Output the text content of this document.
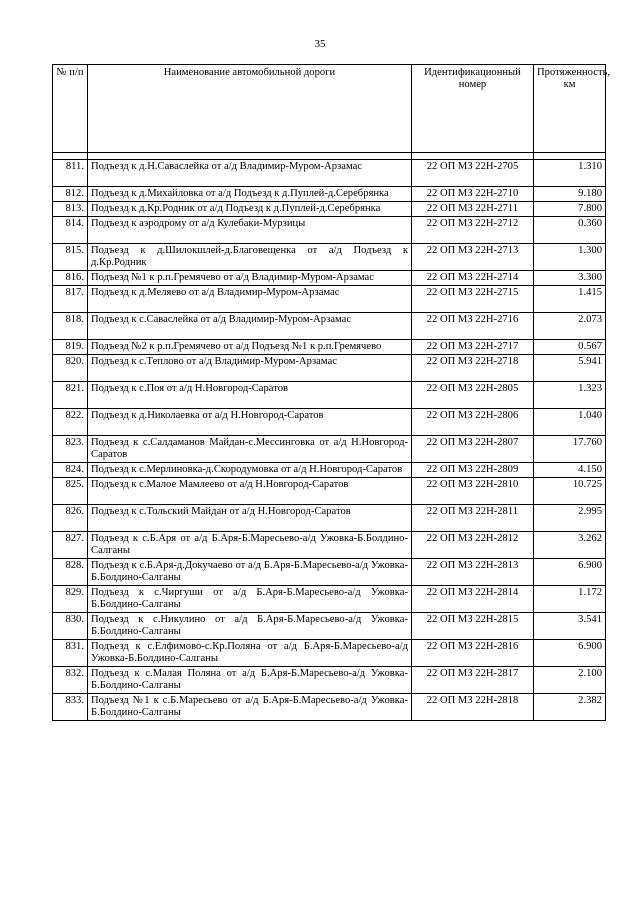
35
№ п/п	Наименование автомобильной дороги	Идентификационный номер	Протяженность, км

811.	Подъезд к д.Н.Саваслейка от а/д Владимир-Муром-Арзамас	22 ОП МЗ 22Н-2705	1.310
812.	Подъезд к д.Михайловка от а/д Подъезд к д.Пуплей-д.Серебрянка	22 ОП МЗ 22Н-2710	9.180
813.	Подъезд к д.Кр.Родник от а/д Подъезд к д.Пуплей-д.Серебрянка	22 ОП МЗ 22Н-2711	7.800
814.	Подъезд к аэродрому от а/д Кулебаки-Мурзицы	22 ОП МЗ 22Н-2712	0.360
815.	Подъезд к д.Шилокшлей-д.Благовещенка от а/д Подъезд к д.Кр.Родник	22 ОП МЗ 22Н-2713	1.300
816.	Подъезд №1 к р.п.Гремячево от а/д Владимир-Муром-Арзамас	22 ОП МЗ 22Н-2714	3.300
817.	Подъезд к д.Меляево от а/д Владимир-Муром-Арзамас	22 ОП МЗ 22Н-2715	1.415
818.	Подъезд к с.Саваслейка от а/д Владимир-Муром-Арзамас	22 ОП МЗ 22Н-2716	2.073
819.	Подъезд №2 к р.п.Гремячево от а/д Подъезд №1 к р.п.Гремячево	22 ОП МЗ 22Н-2717	0.567
820.	Подъезд к с.Теплово от а/д Владимир-Муром-Арзамас	22 ОП МЗ 22Н-2718	5.941
821.	Подъезд к с.Поя от а/д Н.Новгород-Саратов	22 ОП МЗ 22Н-2805	1.323
822.	Подъезд к д.Николаевка от а/д Н.Новгород-Саратов	22 ОП МЗ 22Н-2806	1.040
823.	Подъезд к с.Салдаманов Майдан-с.Мессинговка от а/д Н.Новгород-Саратов	22 ОП МЗ 22Н-2807	17.760
824.	Подъезд к с.Мерлиновка-д.Скородумовка от а/д Н.Новгород-Саратов	22 ОП МЗ 22Н-2809	4.150
825.	Подъезд к с.Малое Мамлеево от а/д Н.Новгород-Саратов	22 ОП МЗ 22Н-2810	10.725
826.	Подъезд к с.Тольский Майдан от а/д Н.Новгород-Саратов	22 ОП МЗ 22Н-2811	2.995
827.	Подъезд к с.Б.Аря от а/д Б.Аря-Б.Маресьево-а/д Ужовка-Б.Болдино-Салганы	22 ОП МЗ 22Н-2812	3.262
828.	Подъезд к с.Б.Аря-д.Докучаево от а/д Б.Аря-Б.Маресьево-а/д Ужовка-Б.Болдино-Салганы	22 ОП МЗ 22Н-2813	6.900
829.	Подъезд к с.Чиргуши от а/д Б.Аря-Б.Маресьево-а/д Ужовка-Б.Болдино-Салганы	22 ОП МЗ 22Н-2814	1.172
830.	Подъезд к с.Никулино от а/д Б.Аря-Б.Маресьево-а/д Ужовка-Б.Болдино-Салганы	22 ОП МЗ 22Н-2815	3.541
831.	Подъезд к с.Елфимово-с.Кр.Поляна от а/д Б.Аря-Б.Маресьево-а/д Ужовка-Б.Болдино-Салганы	22 ОП МЗ 22Н-2816	6.900
832.	Подъезд к с.Малая Поляна от а/д Б.Аря-Б.Маресьево-а/д Ужовка-Б.Болдино-Салганы	22 ОП МЗ 22Н-2817	2.100
833.	Подъезд №1 к с.Б.Маресьево от а/д Б.Аря-Б.Маресьево-а/д Ужовка-Б.Болдино-Салганы	22 ОП МЗ 22Н-2818	2.382
